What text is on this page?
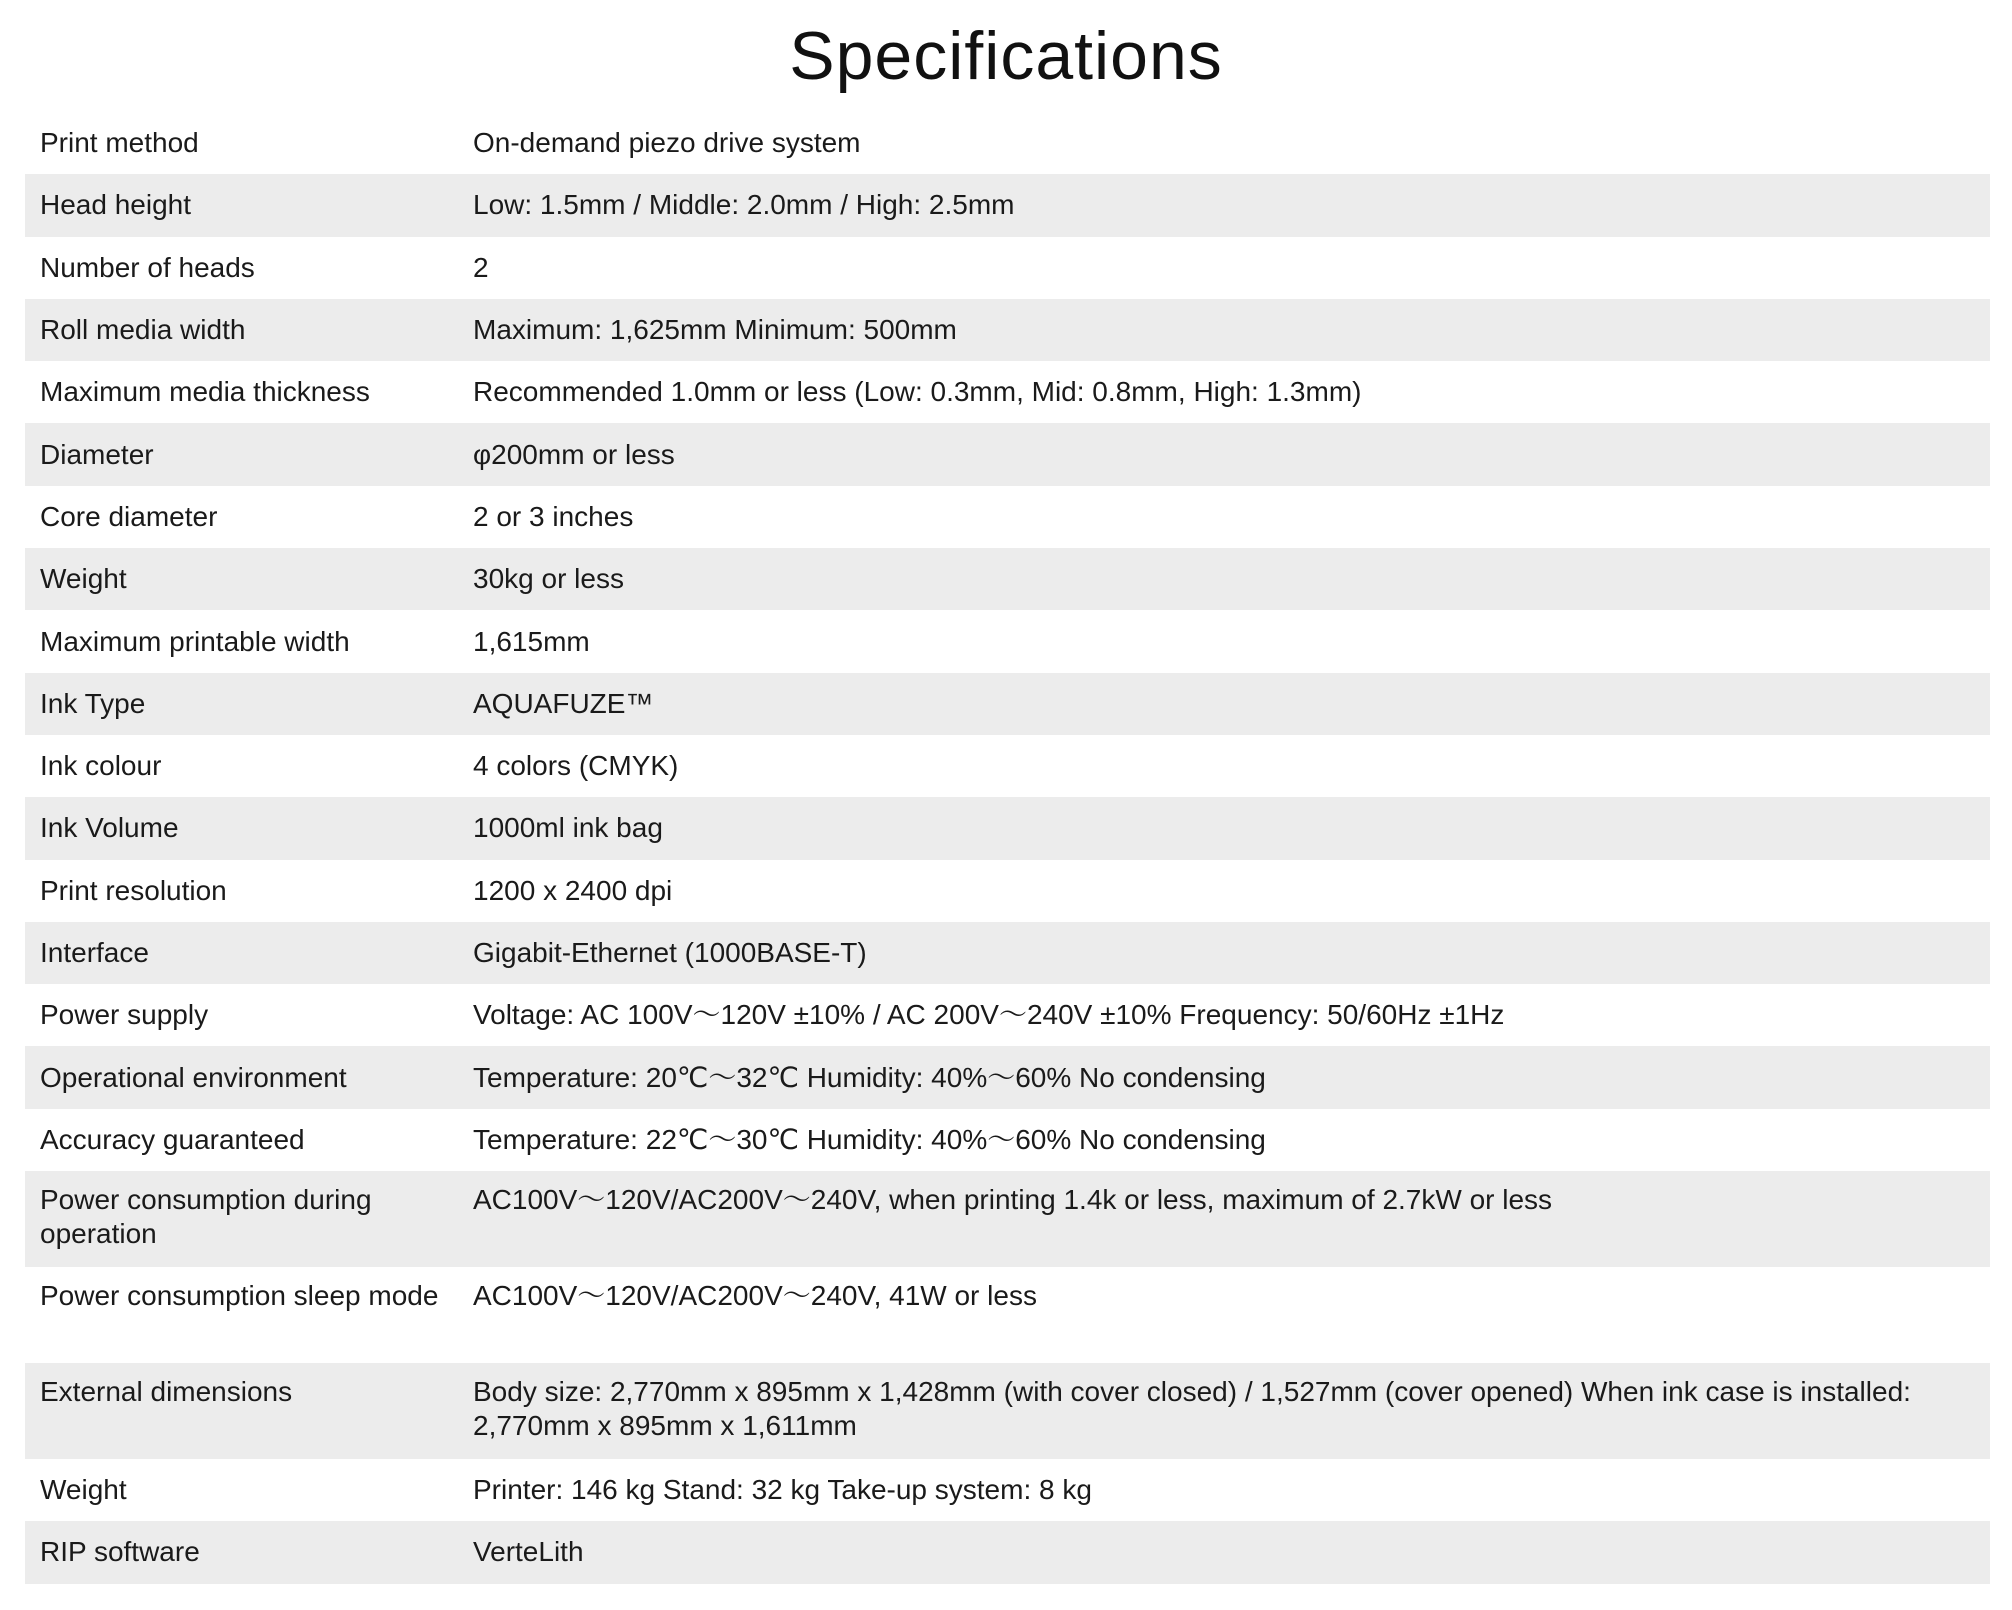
Specifications
Print method	On-demand piezo drive system
Head height	Low: 1.5mm / Middle: 2.0mm / High: 2.5mm
Number of heads	2
Roll media width	Maximum: 1,625mm Minimum: 500mm
Maximum media thickness	Recommended 1.0mm or less (Low: 0.3mm, Mid: 0.8mm, High: 1.3mm)
Diameter	φ200mm or less
Core diameter	2 or 3 inches
Weight	30kg or less
Maximum printable width	1,615mm
Ink Type	AQUAFUZE™
Ink colour	4 colors (CMYK)
Ink Volume	1000ml ink bag
Print resolution	1200 x 2400 dpi
Interface	Gigabit-Ethernet (1000BASE-T)
Power supply	Voltage: AC 100V～120V ±10% / AC 200V～240V ±10% Frequency: 50/60Hz ±1Hz
Operational environment	Temperature: 20℃～32℃ Humidity: 40%～60% No condensing
Accuracy guaranteed	Temperature: 22℃～30℃ Humidity: 40%～60% No condensing
Power consumption during operation	AC100V～120V/AC200V～240V, when printing 1.4k or less, maximum of 2.7kW or less
Power consumption sleep mode	AC100V～120V/AC200V～240V, 41W or less
External dimensions	Body size: 2,770mm x 895mm x 1,428mm (with cover closed) / 1,527mm (cover opened) When ink case is installed: 2,770mm x 895mm x 1,611mm
Weight	Printer: 146 kg Stand: 32 kg Take-up system: 8 kg
RIP software	VerteLith
